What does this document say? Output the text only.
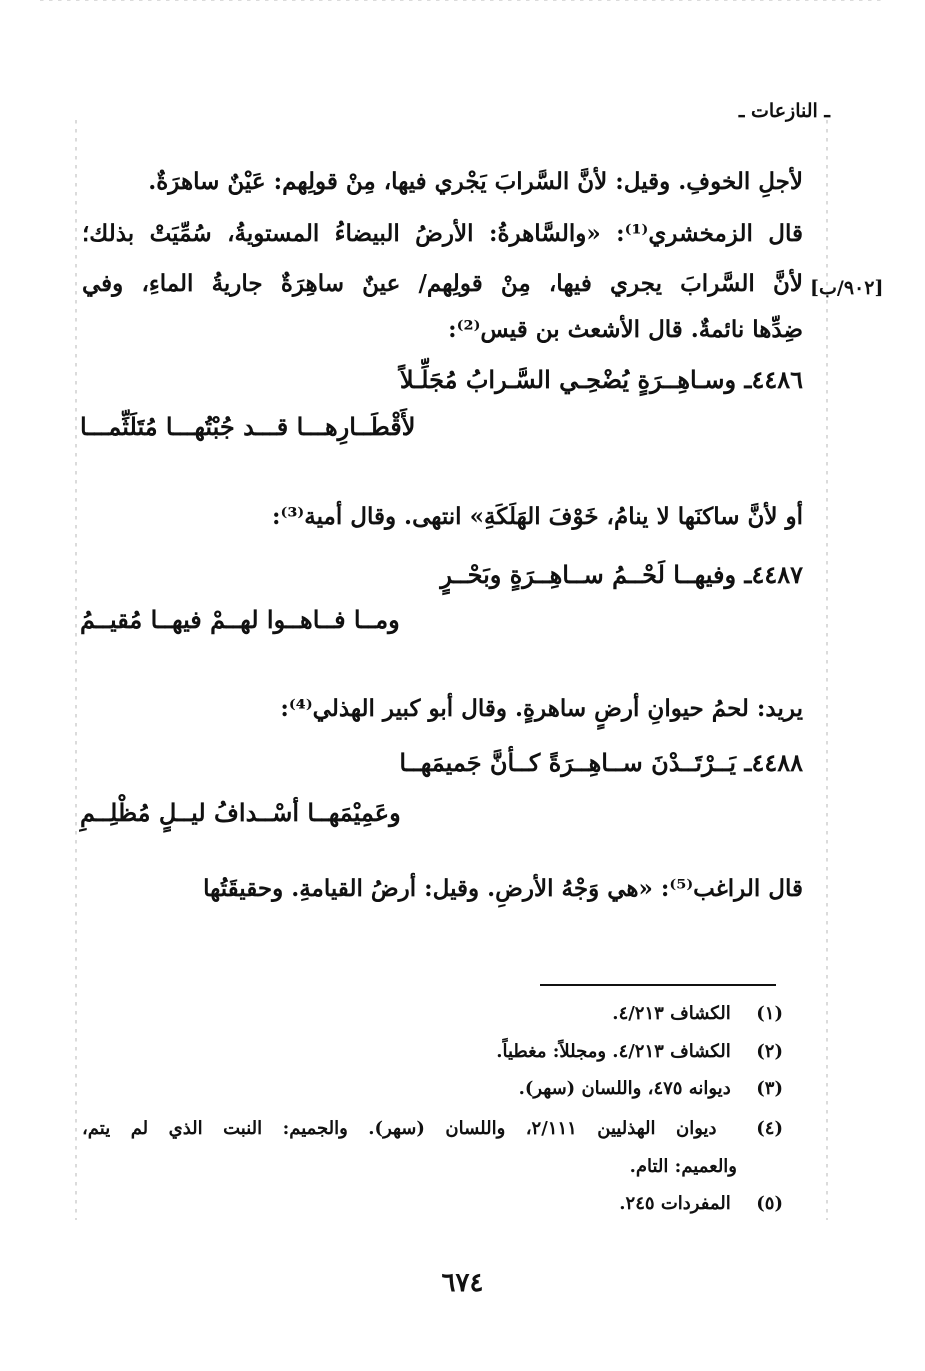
ـ النازعات ـ
[٩٠٢/ب]
لأجلِ الخوفِ. وقيل: لأنَّ السَّرابَ يَجْري فيها، مِنْ قولِهم: عَيْنٌ ساهرَةٌ.
قال الزمخشري⁽¹⁾: «والسَّاهرةُ: الأرضُ البيضاءُ المستويةُ، سُمِّيَتْ بذلك؛
لأنَّ السَّرابَ يجري فيها، مِنْ قولِهم/ عينٌ ساهِرَةٌ جاريةُ الماءِ، وفي
ضِدِّها نائمةٌ. قال الأشعث بن قيس⁽²⁾:
٤٤٨٦ـ وسـاهِــرَةٍ يُضْحِـي السَّـرابُ مُجَلِّـلاً
لأَقْطَــارِهـــا قـــد جُبْتُهـــا مُتَلَثِّمـــا
أو لأنَّ ساكنَها لا ينامُ، خَوْفَ الهَلَكَةِ» انتهى. وقال أمية⁽³⁾:
٤٤٨٧ـ وفيهــا لَحْــمُ ســاهِــرَةٍ وبَحْــرٍ
ومــا فــاهــوا لهــمْ فيهــا مُقيــمُ
يريد: لحمُ حيوانِ أرضٍ ساهرةٍ. وقال أبو كبير الهذلي⁽⁴⁾:
٤٤٨٨ـ يَــرْتَــدْنَ ســاهِــرَةً كــأنَّ جَميمَهــا
وعَمِيْمَهــا أسْــدافُ ليــلٍ مُظْلِــمِ
قال الراغب⁽⁵⁾: «هي وَجْهُ الأرضِ. وقيل: أرضُ القيامةِ. وحقيقَتُها
(١) الكشاف ٤/٢١٣.
(٢) الكشاف ٤/٢١٣. ومجللاً: مغطياً.
(٣) ديوانه ٤٧٥، واللسان (سهر).
(٤) ديوان الهذليين ٢/١١١، واللسان (سهر). والجميم: النبت الذي لم يتم،
والعميم: التام.
(٥) المفردات ٢٤٥.
٦٧٤
